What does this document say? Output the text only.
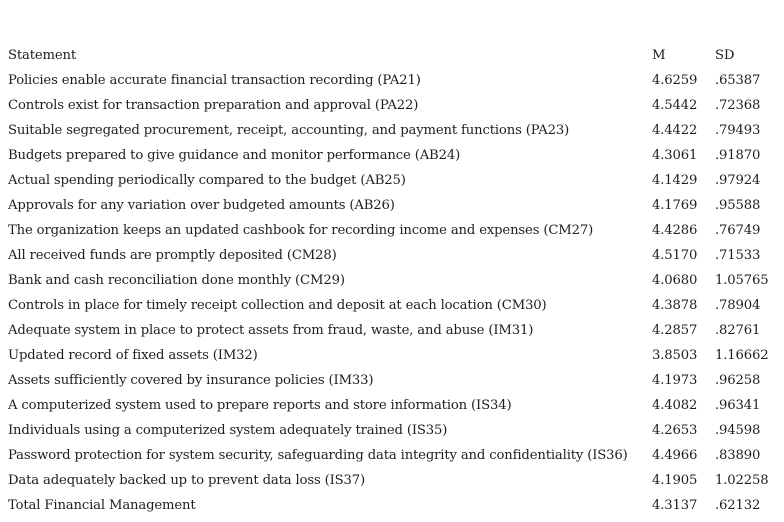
Statement	M	SD
Policies enable accurate financial transaction recording (PA21)	4.6259	.65387
Controls exist for transaction preparation and approval (PA22)	4.5442	.72368
Suitable segregated procurement, receipt, accounting, and payment functions (PA23)	4.4422	.79493
Budgets prepared to give guidance and monitor performance (AB24)	4.3061	.91870
Actual spending periodically compared to the budget (AB25)	4.1429	.97924
Approvals for any variation over budgeted amounts (AB26)	4.1769	.95588
The organization keeps an updated cashbook for recording income and expenses (CM27)	4.4286	.76749
All received funds are promptly deposited (CM28)	4.5170	.71533
Bank and cash reconciliation done monthly (CM29)	4.0680	1.05765
Controls in place for timely receipt collection and deposit at each location (CM30)	4.3878	.78904
Adequate system in place to protect assets from fraud, waste, and abuse (IM31)	4.2857	.82761
Updated record of fixed assets (IM32)	3.8503	1.16662
Assets sufficiently covered by insurance policies (IM33)	4.1973	.96258
A computerized system used to prepare reports and store information (IS34)	4.4082	.96341
Individuals using a computerized system adequately trained (IS35)	4.2653	.94598
Password protection for system security, safeguarding data integrity and confidentiality (IS36)	4.4966	.83890
Data adequately backed up to prevent data loss (IS37)	4.1905	1.02258
Total Financial Management	4.3137	.62132
